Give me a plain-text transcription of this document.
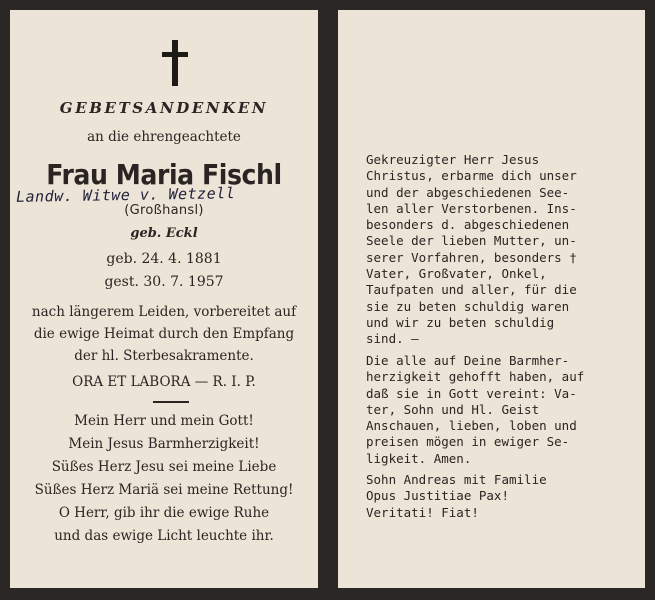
GEBETSANDENKEN
an die ehrengeachtete
Frau Maria Fischl
Landw. Witwe v. Wetzell
(Großhansl)
geb. Eckl
geb. 24. 4. 1881
gest. 30. 7. 1957
nach längerem Leiden, vorbereitet auf
die ewige Heimat durch den Empfang
der hl. Sterbesakramente.
ORA ET LABORA — R. I. P.
Mein Herr und mein Gott!
Mein Jesus Barmherzigkeit!
Süßes Herz Jesu sei meine Liebe
Süßes Herz Mariä sei meine Rettung!
O Herr, gib ihr die ewige Ruhe
und das ewige Licht leuchte ihr.
Gekreuzigter Herr Jesus
Christus, erbarme dich unser
und der abgeschiedenen See-
len aller Verstorbenen. Ins-
besonders d. abgeschiedenen
Seele der lieben Mutter, un-
serer Vorfahren, besonders †
Vater, Großvater, Onkel,
Taufpaten und aller, für die
sie zu beten schuldig waren
und wir zu beten schuldig
sind. —
Die alle auf Deine Barmher-
herzigkeit gehofft haben, auf
daß sie in Gott vereint: Va-
ter, Sohn und Hl. Geist
Anschauen, lieben, loben und
preisen mögen in ewiger Se-
ligkeit. Amen.
Sohn Andreas mit Familie
Opus Justitiae Pax!
Veritati! Fiat!
